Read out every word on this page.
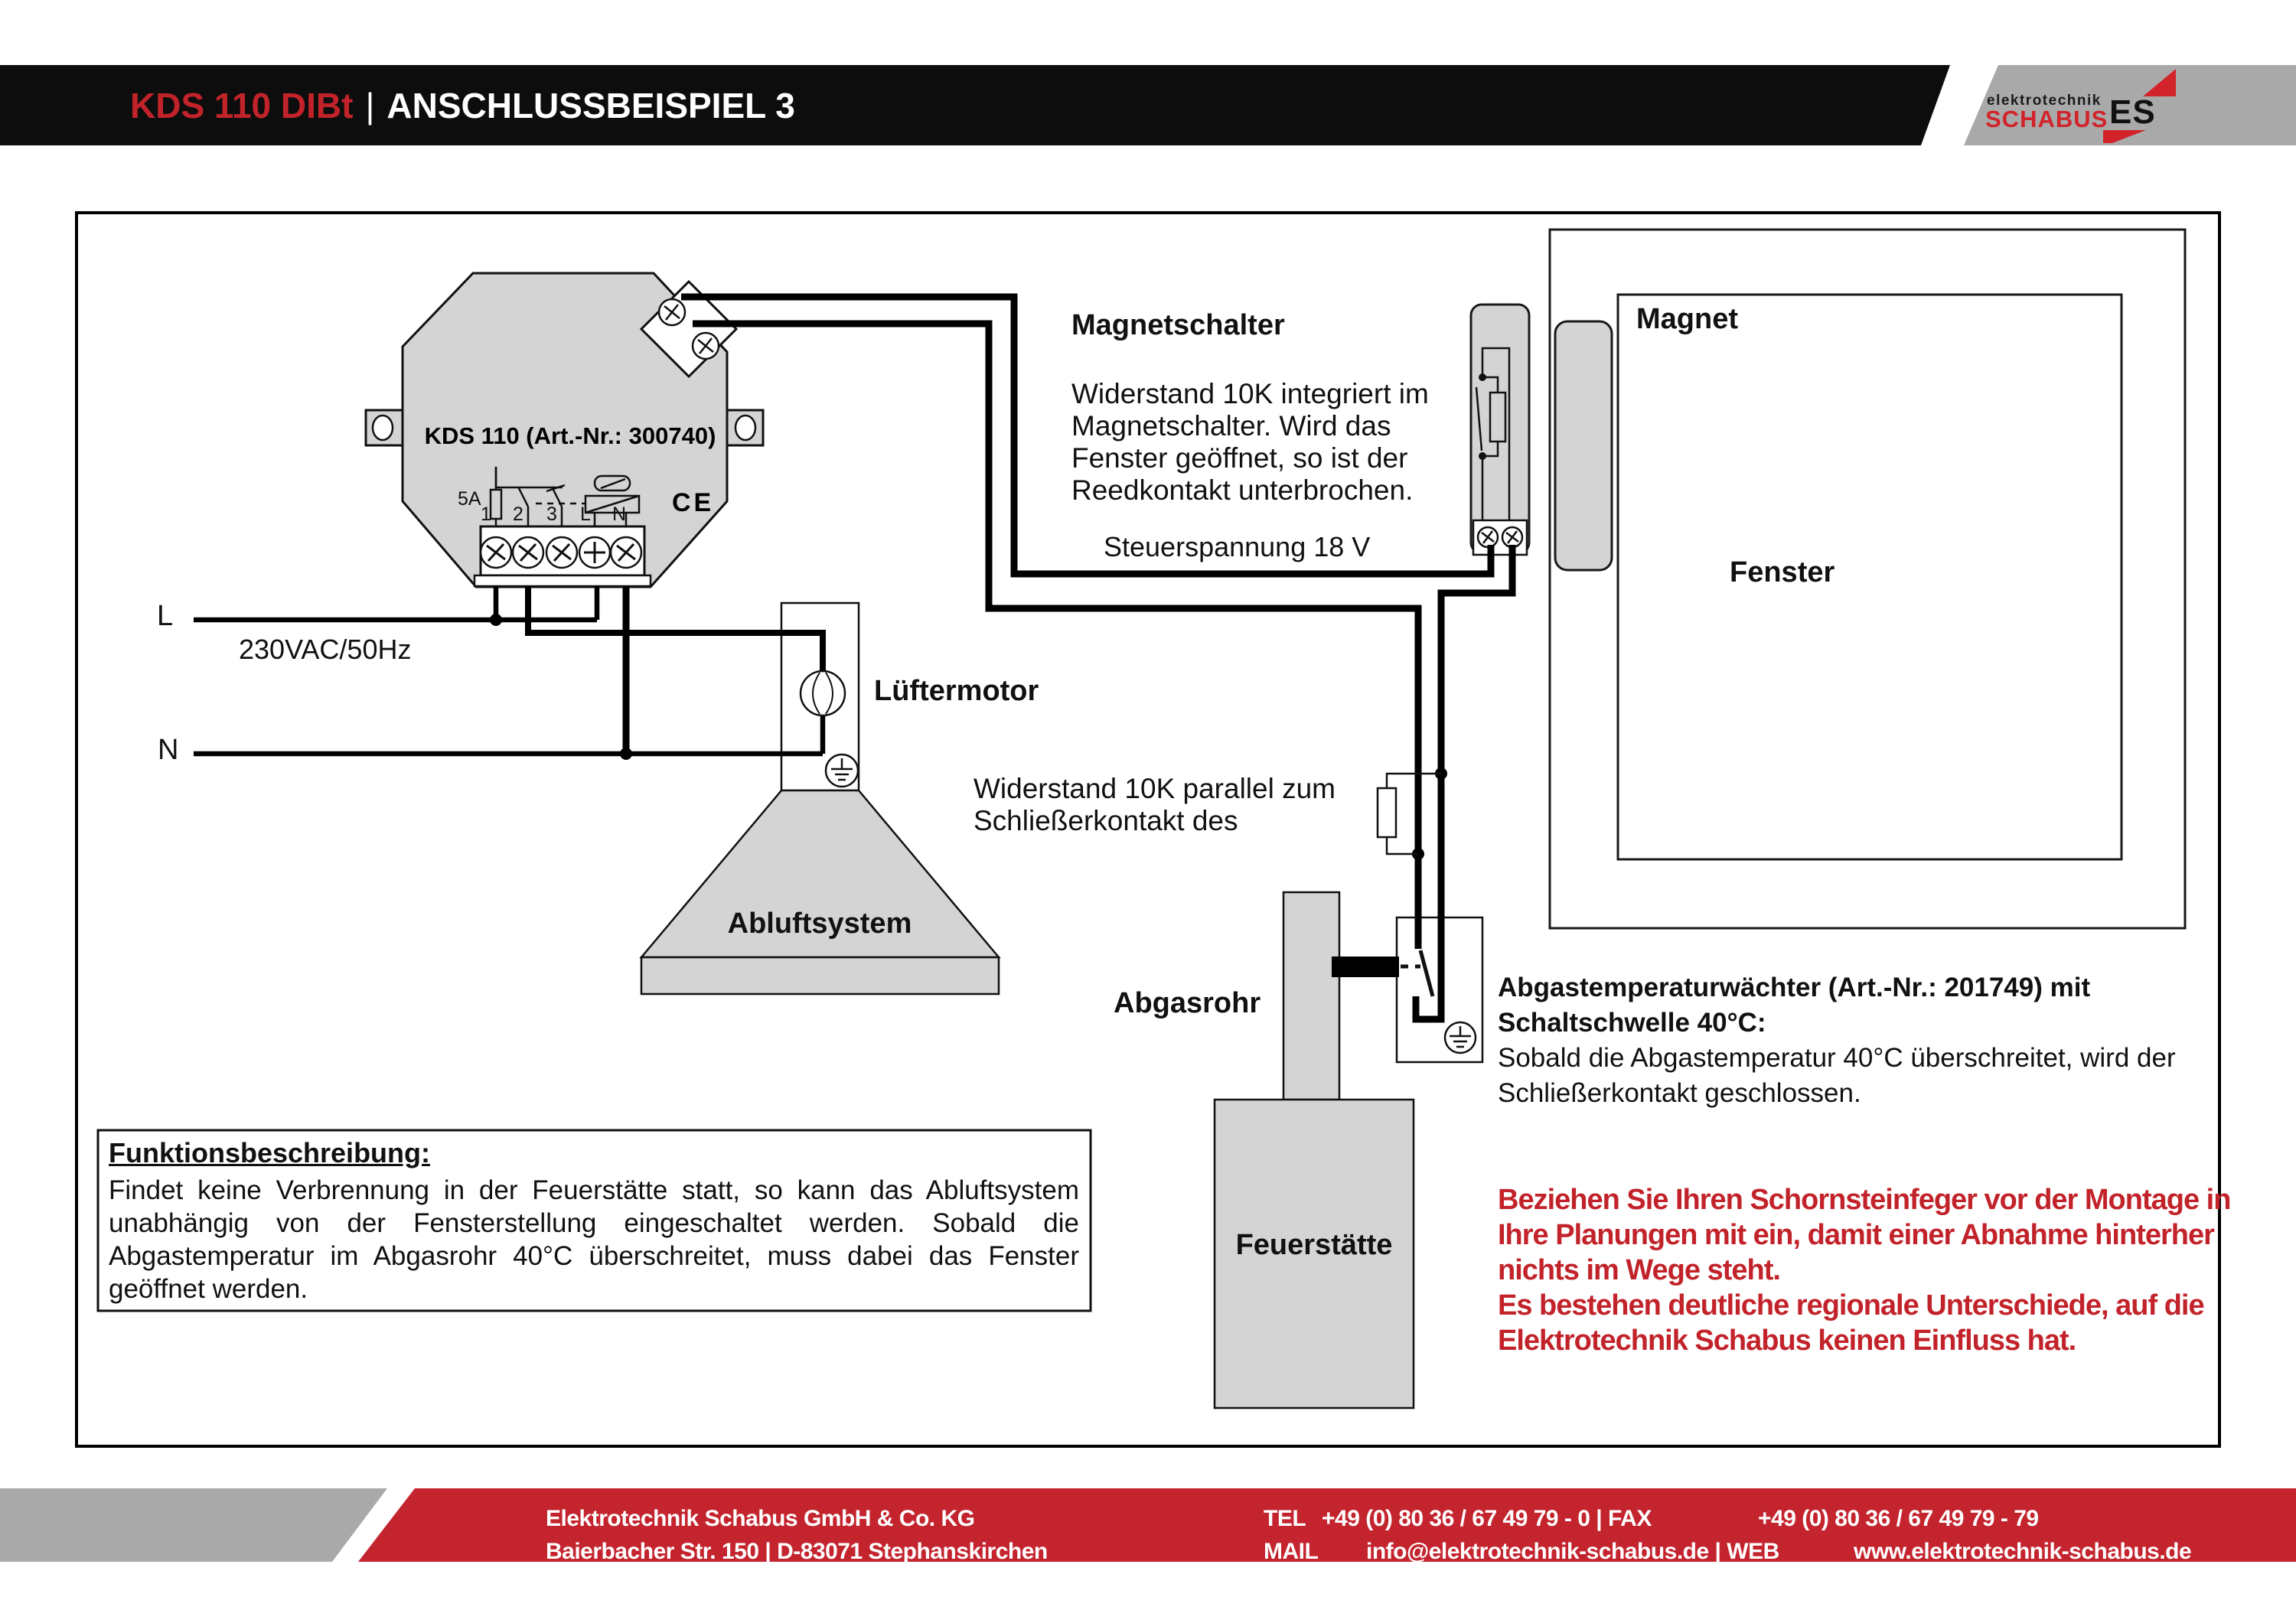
KDS 110 DIBt | ANSCHLUSSBEISPIEL 3	elektrotechnik
SCHABUS ES
KDS 110 (Art.-Nr.: 300740)
5A
1 2 3 L N CE
L
230VAC/50Hz
N
Steuerspannung 18 V
Magnetschalter
Widerstand 10K integriert im
Magnetschalter. Wird das
Fenster geöffnet, so ist der
Reedkontakt unterbrochen.
Magnet
Fenster
Lüftermotor
Abluftsystem
Widerstand 10K parallel zum
Schließerkontakt des
Abgasrohr
Feuerstätte
Abgastemperaturwächter (Art.-Nr.: 201749) mit
Schaltschwelle 40°C:
Sobald die Abgastemperatur 40°C überschreitet, wird der
Schließerkontakt geschlossen.
Beziehen Sie Ihren Schornsteinfeger vor der Montage in
Ihre Planungen mit ein, damit einer Abnahme hinterher
nichts im Wege steht.
Es bestehen deutliche regionale Unterschiede, auf die
Elektrotechnik Schabus keinen Einfluss hat.
Funktionsbeschreibung:
Findet keine Verbrennung in der Feuerstätte statt, so kann das Abluftsystem
unabhängig von der Fensterstellung eingeschaltet werden. Sobald die
Abgastemperatur im Abgasrohr 40°C überschreitet, muss dabei das Fenster
geöffnet werden.
Elektrotechnik Schabus GmbH & Co. KG
Baierbacher Str. 150 | D-83071 Stephanskirchen
TEL +49 (0) 80 36 / 67 49 79 - 0 | FAX	+49 (0) 80 36 / 67 49 79 - 79
MAIL info@elektrotechnik-schabus.de | WEB	www.elektrotechnik-schabus.de
